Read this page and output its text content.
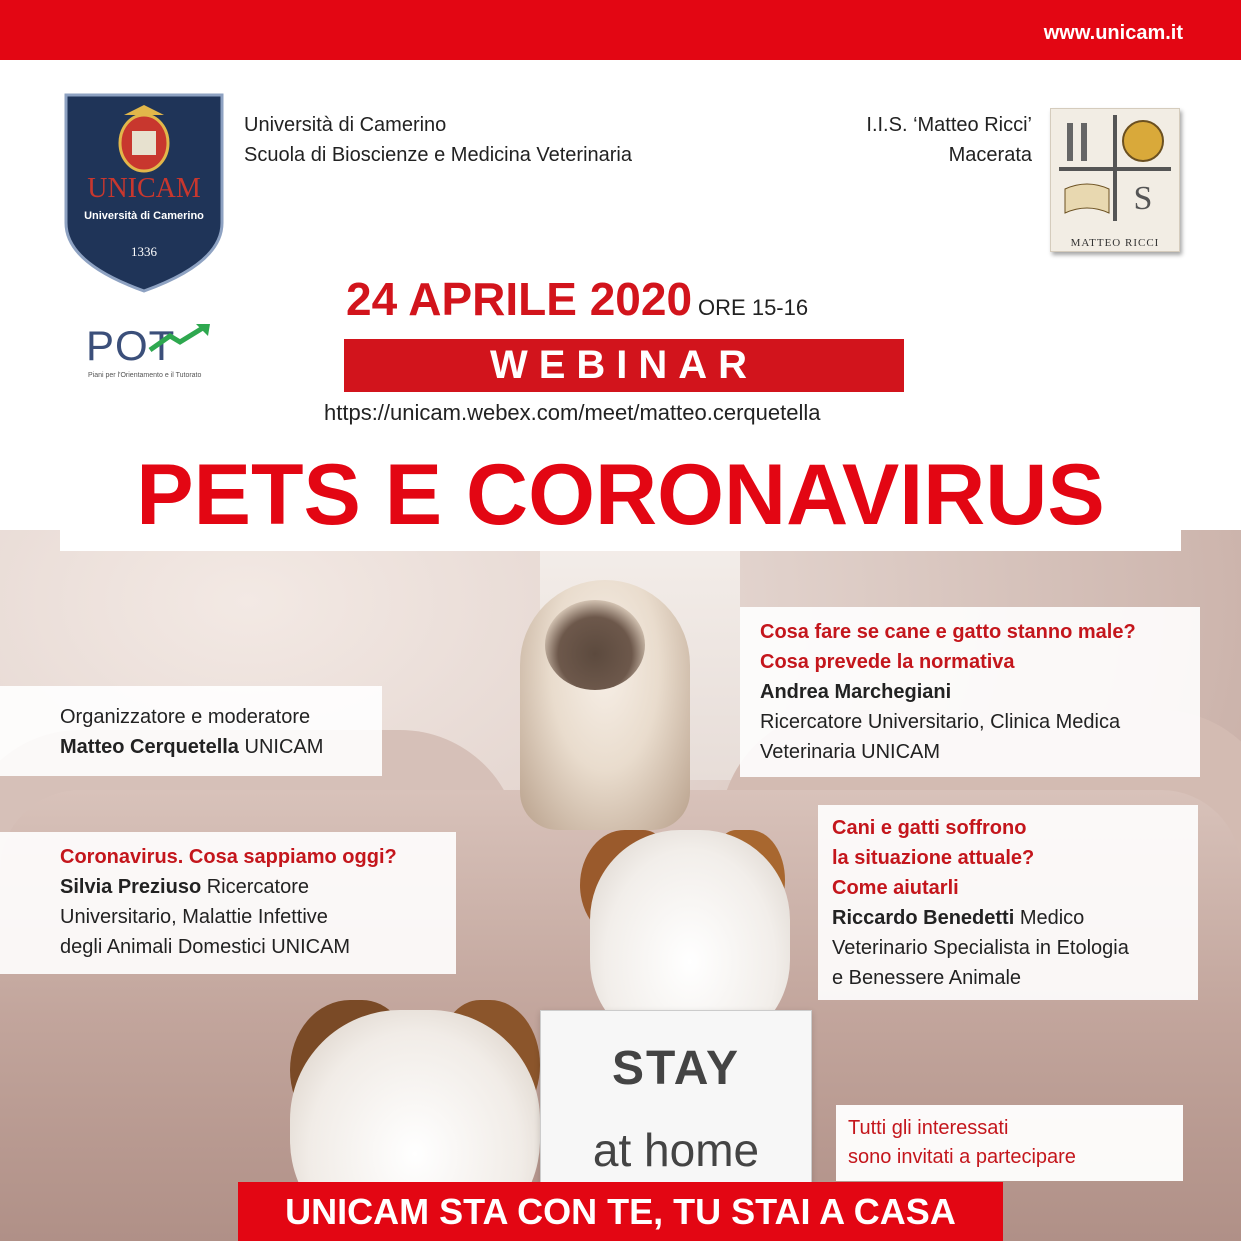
www.unicam.it
STAY
at home
UNICAM
Università di Camerino
1336
Università di Camerino
Scuola di Bioscienze e Medicina Veterinaria
I.I.S. ‘Matteo Ricci’
Macerata
S
MATTEO RICCI
POT
Piani per l'Orientamento e il Tutorato
24 APRILE 2020 ORE 15-16
WEBINAR
https://unicam.webex.com/meet/matteo.cerquetella
PETS E CORONAVIRUS
Organizzatore e moderatore
Matteo Cerquetella UNICAM
Cosa fare se cane e gatto stanno male?
Cosa prevede la normativa
Andrea Marchegiani
Ricercatore Universitario, Clinica Medica
Veterinaria UNICAM
Coronavirus. Cosa sappiamo oggi?
Silvia Preziuso Ricercatore
Universitario, Malattie Infettive
degli Animali Domestici UNICAM
Cani e gatti soffrono
la situazione attuale?
Come aiutarli
Riccardo Benedetti Medico
Veterinario Specialista in Etologia
e Benessere Animale
Tutti gli interessati
sono invitati a partecipare
UNICAM STA CON TE, TU STAI A CASA
